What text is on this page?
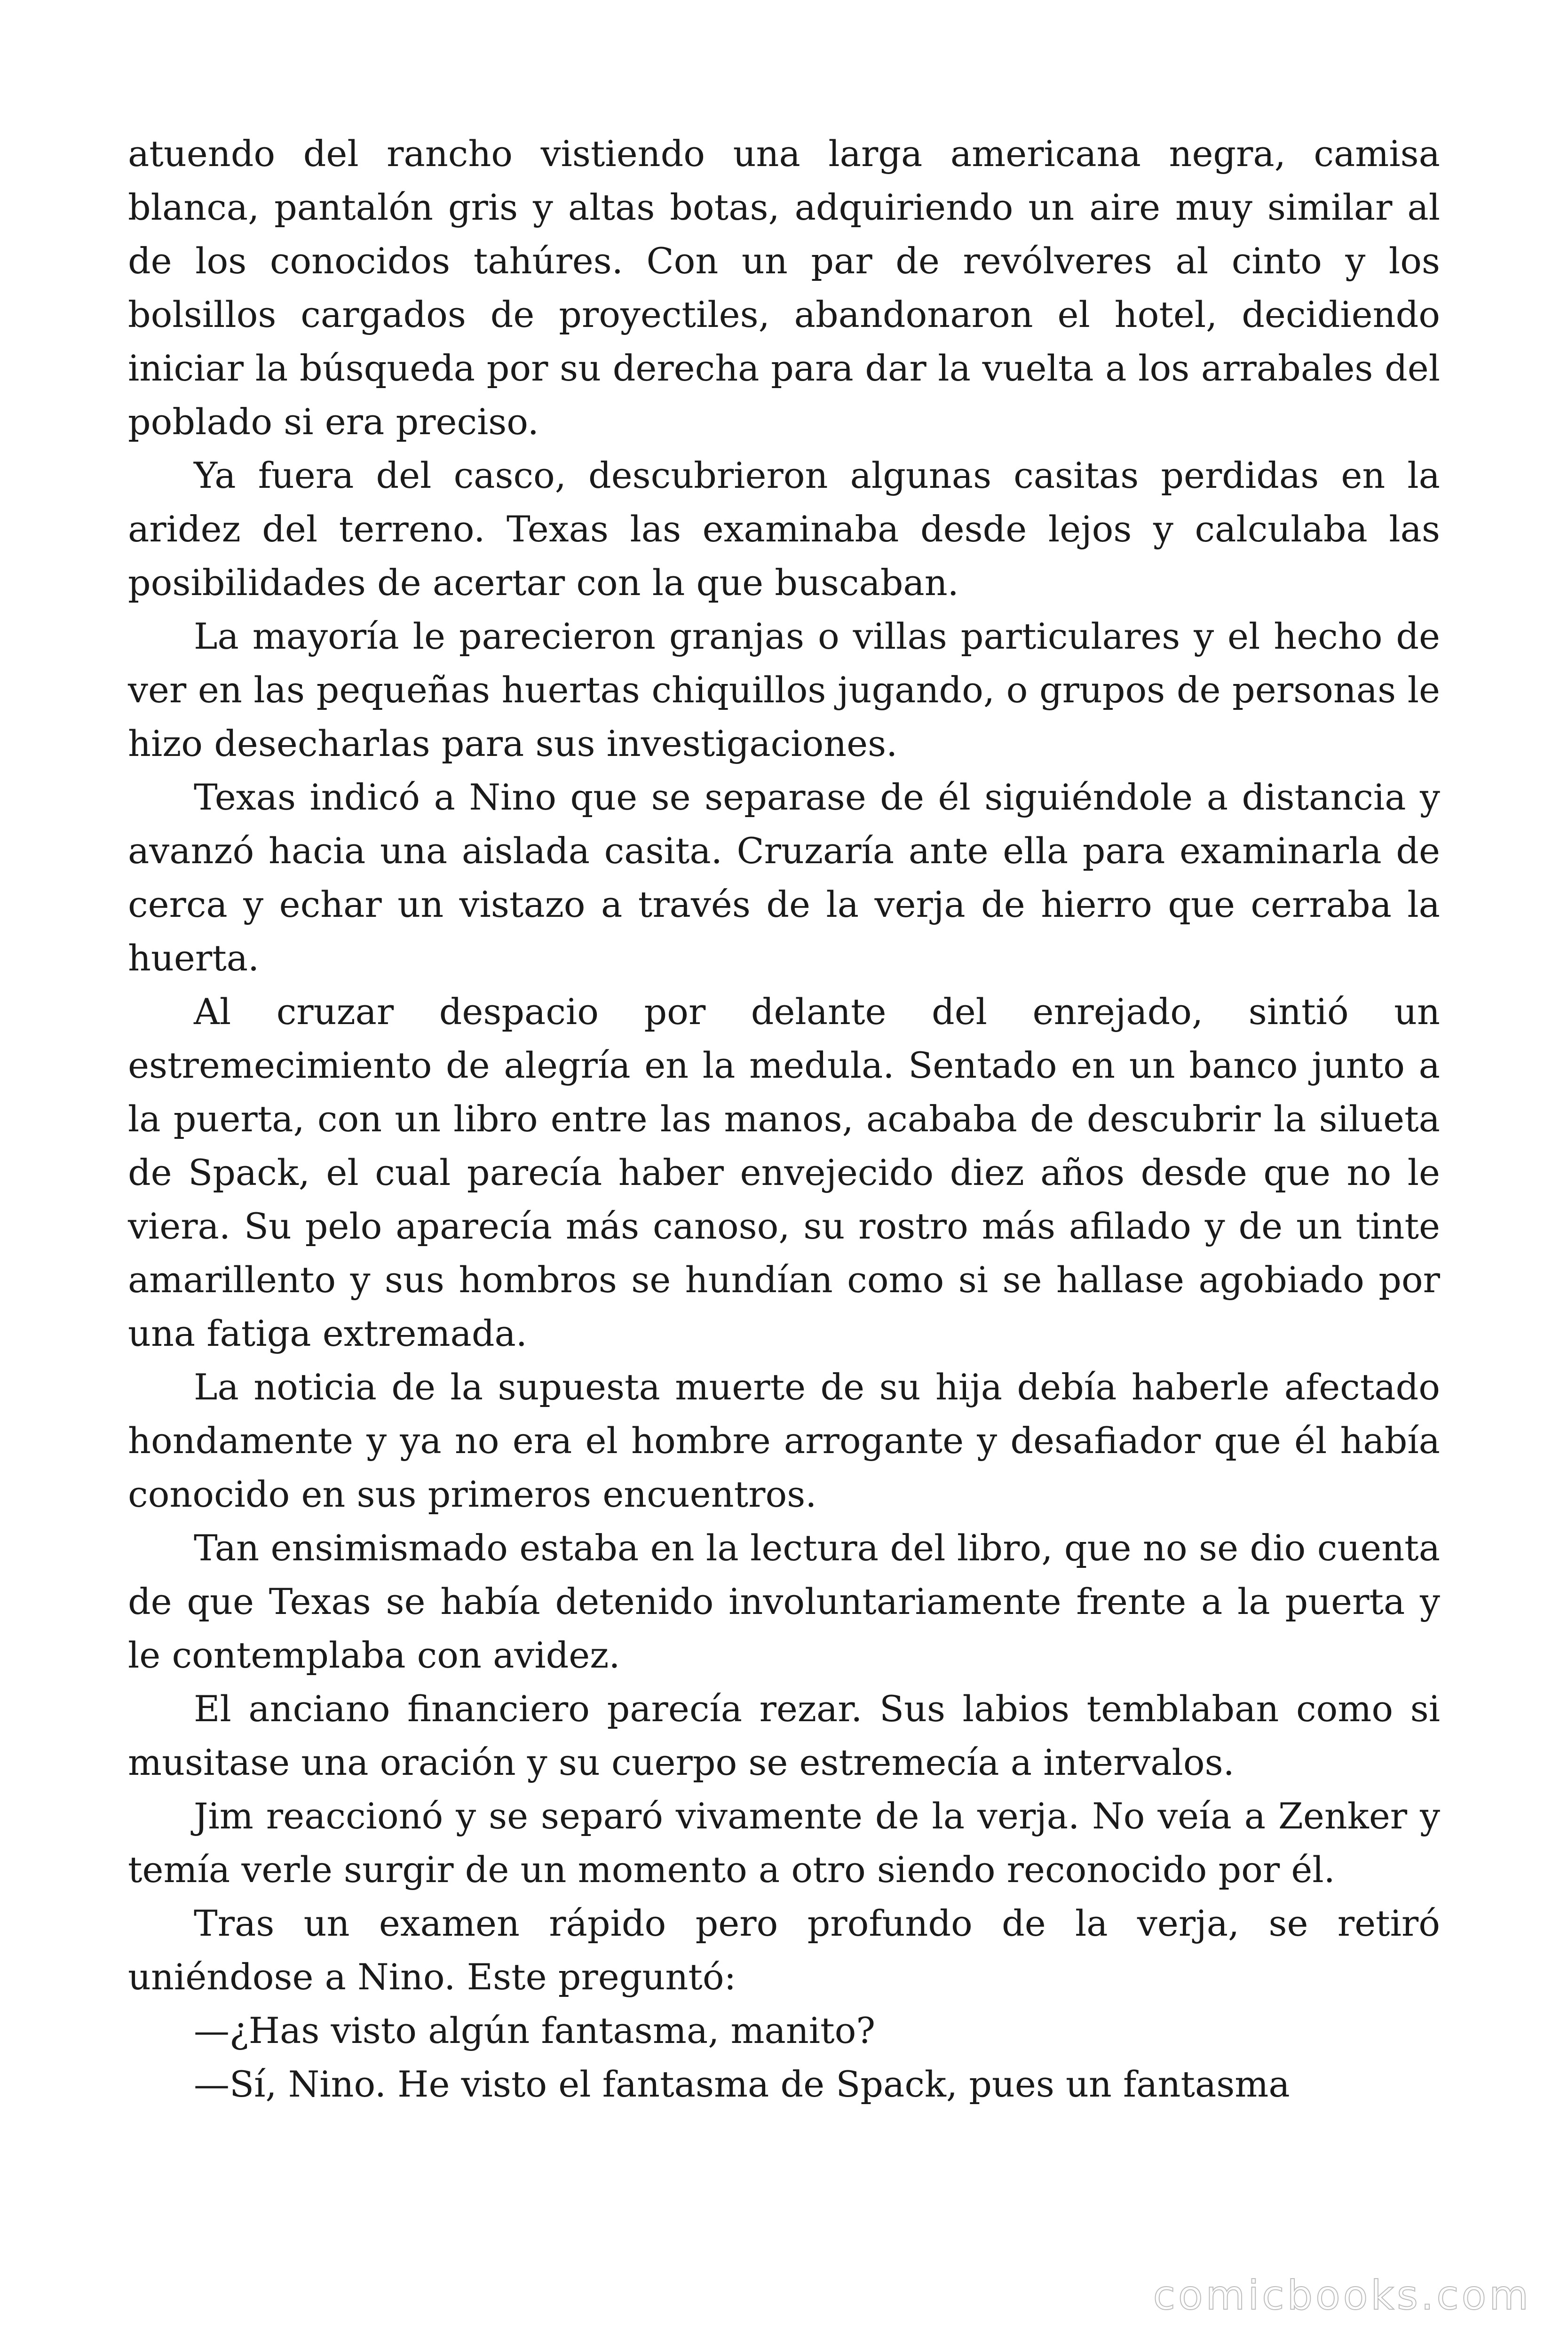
atuendo del rancho vistiendo una larga americana negra, camisa blanca, pantalón gris y altas botas, adquiriendo un aire muy similar al de los conocidos tahúres. Con un par de revólveres al cinto y los bolsillos cargados de proyectiles, abandonaron el hotel, decidiendo iniciar la búsqueda por su derecha para dar la vuelta a los arrabales del poblado si era preciso.

Ya fuera del casco, descubrieron algunas casitas perdidas en la aridez del terreno. Texas las examinaba desde lejos y calculaba las posibilidades de acertar con la que buscaban.

La mayoría le parecieron granjas o villas particulares y el hecho de ver en las pequeñas huertas chiquillos jugando, o grupos de personas le hizo desecharlas para sus investigaciones.

Texas indicó a Nino que se separase de él siguiéndole a distancia y avanzó hacia una aislada casita. Cruzaría ante ella para examinarla de cerca y echar un vistazo a través de la verja de hierro que cerraba la huerta.

Al cruzar despacio por delante del enrejado, sintió un estremecimiento de alegría en la medula. Sentado en un banco junto a la puerta, con un libro entre las manos, acababa de descubrir la silueta de Spack, el cual parecía haber envejecido diez años desde que no le viera. Su pelo aparecía más canoso, su rostro más afilado y de un tinte amarillento y sus hombros se hundían como si se hallase agobiado por una fatiga extremada.

La noticia de la supuesta muerte de su hija debía haberle afectado hondamente y ya no era el hombre arrogante y desafiador que él había conocido en sus primeros encuentros.

Tan ensimismado estaba en la lectura del libro, que no se dio cuenta de que Texas se había detenido involuntariamente frente a la puerta y le contemplaba con avidez.

El anciano financiero parecía rezar. Sus labios temblaban como si musitase una oración y su cuerpo se estremecía a intervalos.

Jim reaccionó y se separó vivamente de la verja. No veía a Zenker y temía verle surgir de un momento a otro siendo reconocido por él.

Tras un examen rápido pero profundo de la verja, se retiró uniéndose a Nino. Este preguntó:

—¿Has visto algún fantasma, manito?

—Sí, Nino. He visto el fantasma de Spack, pues un fantasma

comicbooks.com
